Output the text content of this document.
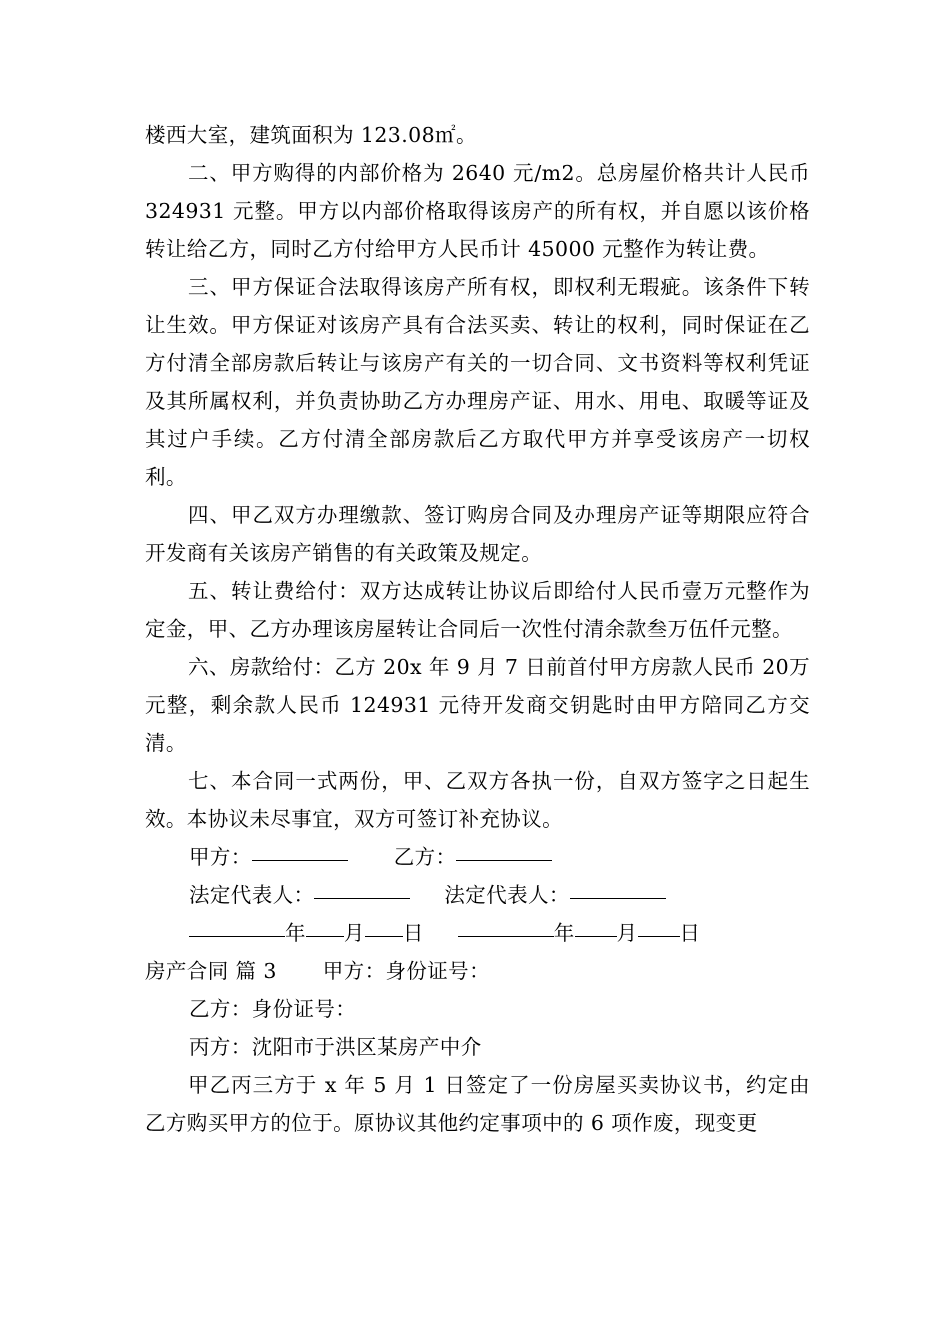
楼西大室，建筑面积为 123.08㎡。

二、甲方购得的内部价格为 2640 元/m2。总房屋价格共计人民币 324931 元整。甲方以内部价格取得该房产的所有权，并自愿以该价格转让给乙方，同时乙方付给甲方人民币计 45000 元整作为转让费。

三、甲方保证合法取得该房产所有权，即权利无瑕疵。该条件下转让生效。甲方保证对该房产具有合法买卖、转让的权利，同时保证在乙方付清全部房款后转让与该房产有关的一切合同、文书资料等权利凭证及其所属权利，并负责协助乙方办理房产证、用水、用电、取暖等证及其过户手续。乙方付清全部房款后乙方取代甲方并享受该房产一切权利。

四、甲乙双方办理缴款、签订购房合同及办理房产证等期限应符合开发商有关该房产销售的有关政策及规定。

五、转让费给付：双方达成转让协议后即给付人民币壹万元整作为定金，甲、乙方办理该房屋转让合同后一次性付清余款叁万伍仟元整。

六、房款给付：乙方 20x 年 9 月 7 日前首付甲方房款人民币 20万元整，剩余款人民币 124931 元待开发商交钥匙时由甲方陪同乙方交清。

七、本合同一式两份，甲、乙双方各执一份，自双方签字之日起生效。本协议未尽事宜，双方可签订补充协议。

甲方：	乙方：
法定代表人：	法定代表人：
年 月 日	年 月 日
房产合同 篇 3 甲方：身份证号：

乙方：身份证号：

丙方：沈阳市于洪区某房产中介

甲乙丙三方于 x 年 5 月 1 日签定了一份房屋买卖协议书，约定由乙方购买甲方的位于。原协议其他约定事项中的 6 项作废，现变更
